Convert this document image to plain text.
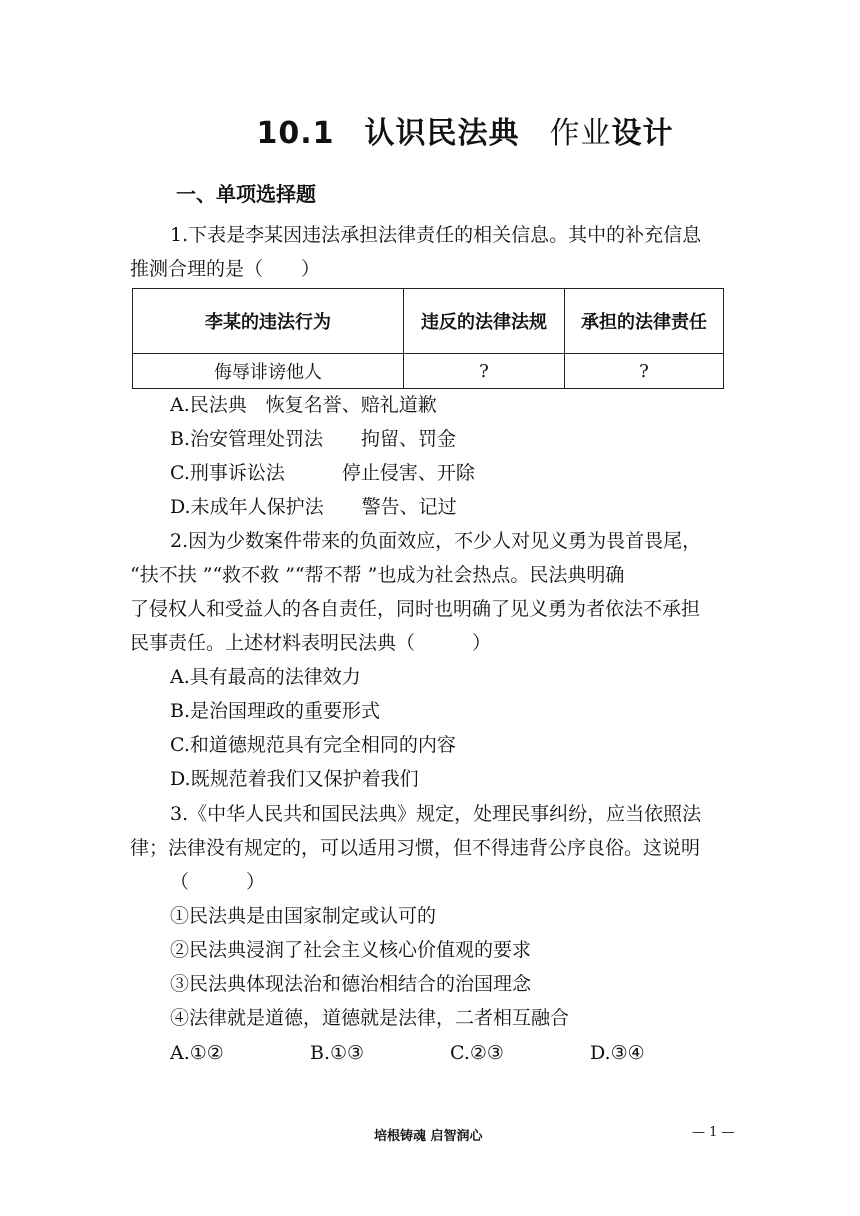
10.1 认识民法典 作业设计
一、单项选择题
1.下表是李某因违法承担法律责任的相关信息。其中的补充信息
推测合理的是（　　）
李某的违法行为	违反的法律法规	承担的法律责任
侮辱诽谤他人	?	?
A.民法典　恢复名誉、赔礼道歉
B.治安管理处罚法　　拘留、罚金
C.刑事诉讼法　　　停止侵害、开除
D.未成年人保护法　　警告、记过
2.因为少数案件带来的负面效应，不少人对见义勇为畏首畏尾，
“扶不扶 ”“救不救 ”“帮不帮 ”也成为社会热点。民法典明确
了侵权人和受益人的各自责任，同时也明确了见义勇为者依法不承担
民事责任。上述材料表明民法典（　　　）
A.具有最高的法律效力
B.是治国理政的重要形式
C.和道德规范具有完全相同的内容
D.既规范着我们又保护着我们
3.《中华人民共和国民法典》规定，处理民事纠纷，应当依照法
律；法律没有规定的，可以适用习惯，但不得违背公序良俗。这说明
（　　　）
①民法典是由国家制定或认可的
②民法典浸润了社会主义核心价值观的要求
③民法典体现法治和德治相结合的治国理念
④法律就是道德，道德就是法律，二者相互融合
A.①②	B.①③	C.②③	D.③④
培根铸魂 启智润心	— 1 —
